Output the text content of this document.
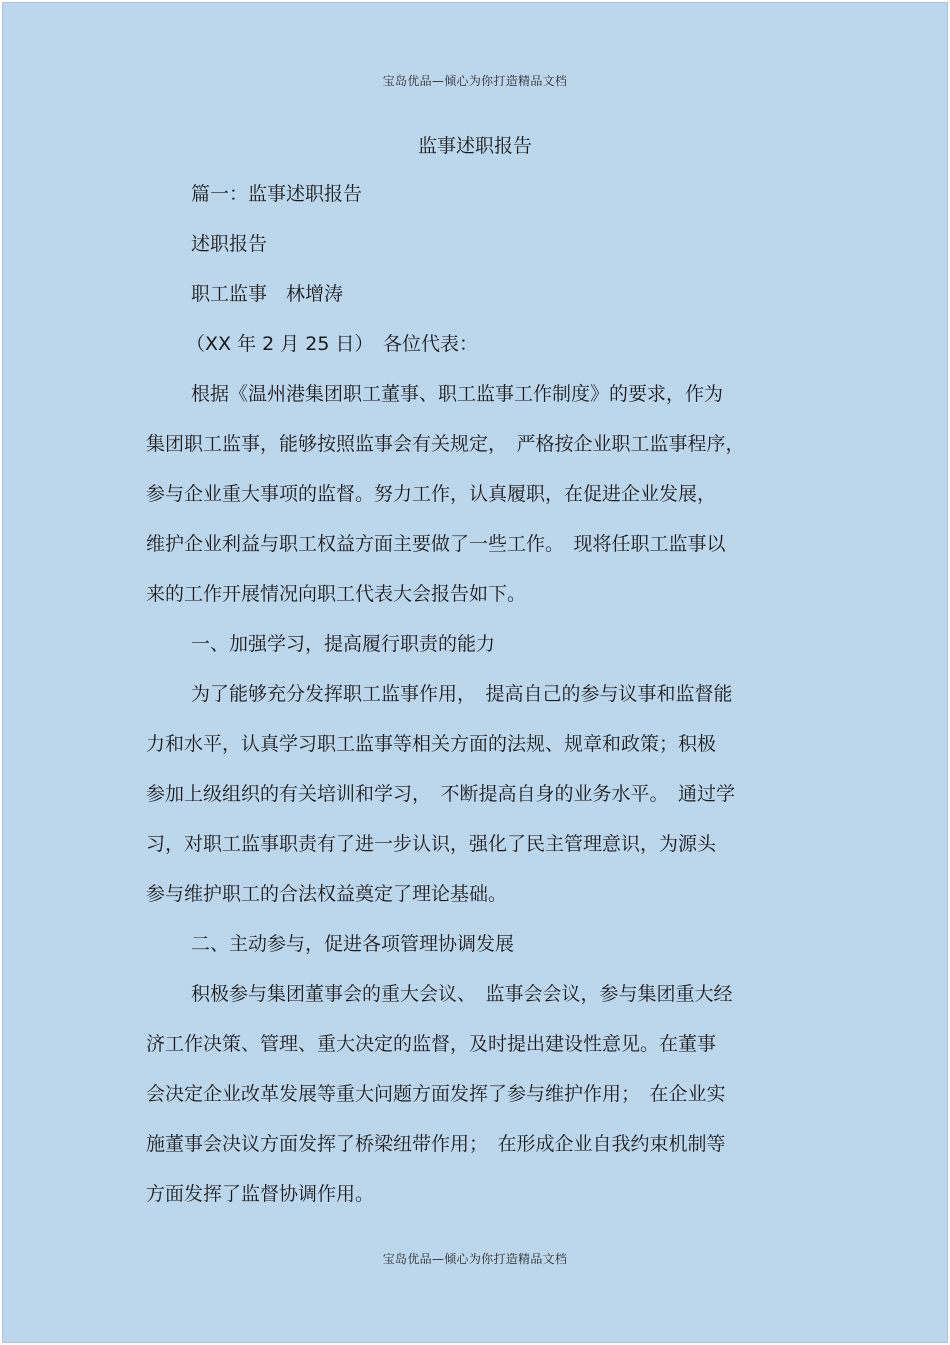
宝岛优品—倾心为你打造精品文档
监事述职报告
篇一：监事述职报告
述职报告
职工监事　林增涛
（XX 年 2 月 25 日）　各位代表：
根据《温州港集团职工董事、职工监事工作制度》的要求，作为
集团职工监事，能够按照监事会有关规定，　严格按企业职工监事程序，
参与企业重大事项的监督。努力工作，认真履职，在促进企业发展，
维护企业利益与职工权益方面主要做了一些工作。　现将任职工监事以
来的工作开展情况向职工代表大会报告如下。
一、加强学习，提高履行职责的能力
为了能够充分发挥职工监事作用，　提高自己的参与议事和监督能
力和水平，认真学习职工监事等相关方面的法规、规章和政策；积极
参加上级组织的有关培训和学习，　不断提高自身的业务水平。　通过学
习，对职工监事职责有了进一步认识，强化了民主管理意识，为源头
参与维护职工的合法权益奠定了理论基础。
二、主动参与，促进各项管理协调发展
积极参与集团董事会的重大会议、　监事会会议，参与集团重大经
济工作决策、管理、重大决定的监督，及时提出建设性意见。在董事
会决定企业改革发展等重大问题方面发挥了参与维护作用；　在企业实
施董事会决议方面发挥了桥梁纽带作用；　在形成企业自我约束机制等
方面发挥了监督协调作用。
宝岛优品—倾心为你打造精品文档
